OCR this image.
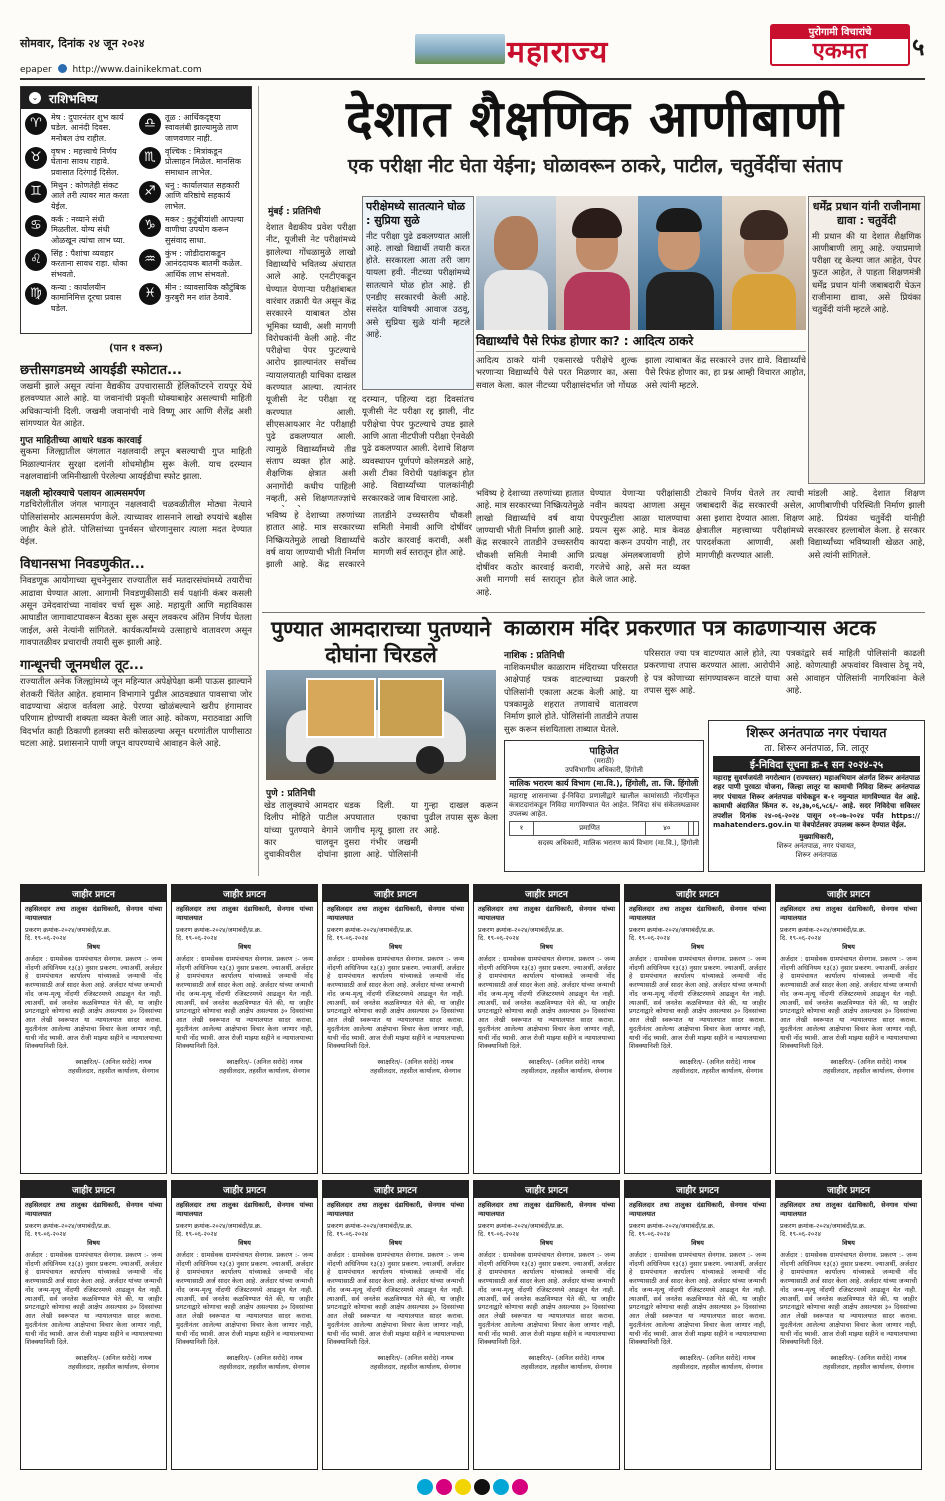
सोमवार, दिनांक २४ जून २०२४	महाराज्य
पुरोगामी विचारांचे
एकमत	५
epaper http://www.dainikekmat.com
⌄ राशिभविष्य
♈	मेष : दुपारनंतर शुभ कार्य घडेल. आनंदी दिवस. मनोबल उंच राहील.
♎	तूळ : आर्थिकदृष्ट्या स्वावलंबी झाल्यामुळे ताण जाणवणार नाही.
♉	वृषभ : महत्त्वाचे निर्णय घेताना सावध राहावे. प्रवासात दिरंगाई दिसेल.
♏	वृश्चिक : मित्रांकडून प्रोत्साहन मिळेल. मानसिक समाधान लाभेल.
♊	मिथुन : कोणतेही संकट आले तरी त्यावर मात करता येईल.
♐	धनु : कार्यालयात सहकारी आणि वरिष्ठांचे सहकार्य लाभेल.
♋	कर्क : नव्याने संधी मिळतील. योग्य संधी ओळखून त्यांचा लाभ घ्या.
♑	मकर : कुटुंबीयांशी आपल्या वाणीचा उपयोग करून सुसंवाद साधा.
♌	सिंह : पैशांचा व्यवहार करताना सावध राहा. धोका संभवतो.
♒	कुंभ : जोडीदाराकडून आनंददायक बातमी कळेल. आर्थिक लाभ संभवतो.
♍	कन्या : कार्यालयीन कामानिमित्त दूरचा प्रवास घडेल.
♓	मीन : व्यावसायिक कौटुंबिक कुरबुरी मन शांत ठेवावे.
(पान १ वरून)
छत्तीसगडमध्ये आयईडी स्फोटात...
जखमी झाले असून त्यांना वैद्यकीय उपचारासाठी हेलिकॉप्टरने रायपूर येथे हलवण्यात आले आहे. या जवानांची प्रकृती धोक्याबाहेर असल्याची माहिती अधिकाऱ्यांनी दिली. जखमी जवानांची नावे विष्णू आर आणि शैलेंद्र अशी सांगण्यात येत आहेत.
गुप्त माहितीच्या आधारे धडक कारवाई
सुकमा जिल्ह्यातील जंगलात नक्षलवादी लपून बसल्याची गुप्त माहिती मिळाल्यानंतर सुरक्षा दलांनी शोधमोहीम सुरू केली. याच दरम्यान नक्षलवाद्यांनी जमिनीखाली पेरलेल्या आयईडीचा स्फोट झाला.
नक्षली म्होरक्याचे पलायन आत्मसमर्पण
गडचिरोलीतील जंगल भागातून नक्षलवादी चळवळीतील मोठ्या नेत्याने पोलिसांसमोर आत्मसमर्पण केले. त्याच्यावर शासनाने लाखो रुपयांचे बक्षीस जाहीर केले होते. पोलिसांच्या पुनर्वसन धोरणानुसार त्याला मदत देण्यात येईल.
विधानसभा निवडणुकीत...
निवडणूक आयोगाच्या सूचनेनुसार राज्यातील सर्व मतदारसंघांमध्ये तयारीचा आढावा घेण्यात आला. आगामी निवडणुकीसाठी सर्व पक्षांनी कंबर कसली असून उमेदवारांच्या नावांवर चर्चा सुरू आहे. महायुती आणि महाविकास आघाडीत जागावाटपावरून बैठका सुरू असून लवकरच अंतिम निर्णय घेतला जाईल, असे नेत्यांनी सांगितले. कार्यकर्त्यांमध्ये उत्साहाचे वातावरण असून गावपातळीवर प्रचाराची तयारी सुरू झाली आहे.
गान्धूनची जूनमधील तूट...
राज्यातील अनेक जिल्ह्यांमध्ये जून महिन्यात अपेक्षेपेक्षा कमी पाऊस झाल्याने शेतकरी चिंतेत आहेत. हवामान विभागाने पुढील आठवड्यात पावसाचा जोर वाढण्याचा अंदाज वर्तवला आहे. पेरण्या खोळंबल्याने खरीप हंगामावर परिणाम होण्याची शक्यता व्यक्त केली जात आहे. कोकण, मराठवाडा आणि विदर्भात काही ठिकाणी हलक्या सरी कोसळल्या असून धरणांतील पाणीसाठा घटला आहे. प्रशासनाने पाणी जपून वापरण्याचे आवाहन केले आहे.
देशात शैक्षणिक आणीबाणी
एक परीक्षा नीट घेता येईना; घोळावरून ठाकरे, पाटील, चतुर्वेदींचा संताप
मुंबई : प्रतिनिधी
देशात वैद्यकीय प्रवेश परीक्षा नीट, यूजीसी नेट परीक्षांमध्ये झालेल्या गोंधळामुळे लाखो विद्यार्थ्यांचे भवितव्य अंधारात आले आहे. एनटीएकडून घेण्यात येणाऱ्या परीक्षांबाबत वारंवार तक्रारी येत असून केंद्र सरकारने याबाबत ठोस भूमिका घ्यावी, अशी मागणी विरोधकांनी केली आहे. नीट परीक्षेचा पेपर फुटल्याचे आरोप झाल्यानंतर सर्वोच्च न्यायालयातही याचिका दाखल करण्यात आल्या. त्यानंतर यूजीसी नेट परीक्षा रद्द करण्यात आली. सीएसआयआर नेट परीक्षाही पुढे ढकलण्यात आली. त्यामुळे विद्यार्थ्यांमध्ये तीव्र संताप व्यक्त होत आहे. शैक्षणिक क्षेत्रात अशी अनागोंदी कधीच पाहिली नव्हती, असे शिक्षणतज्ज्ञांचे
परीक्षेमध्ये सातत्याने घोळ : सुप्रिया सुळे
नीट परीक्षा पुढे ढकलण्यात आली आहे. लाखो विद्यार्थी तयारी करत होते. सरकारला आता तरी जाग यायला हवी. नीटच्या परीक्षांमध्ये सातत्याने घोळ होत आहे. ही एनडीए सरकारची केली आहे. संसदेत याविषयी आवाज उठवू, असे सुप्रिया सुळे यांनी म्हटले आहे.
धर्मेंद्र प्रधान यांनी राजीनामा द्यावा : चतुर्वेदी
मी प्रधान की या देशात शैक्षणिक आणीबाणी लागू आहे. ज्याप्रमाणे परीक्षा रद्द केल्या जात आहेत, पेपर फुटत आहेत, ते पाहता शिक्षणमंत्री धर्मेंद्र प्रधान यांनी जबाबदारी घेऊन राजीनामा द्यावा, असे प्रियंका चतुर्वेदी यांनी म्हटले आहे.
विद्यार्थ्यांचे पैसे रिफंड होणार का? : आदित्य ठाकरे
आदित्य ठाकरे यांनी एकसारखे परीक्षेचे शुल्क भरणाऱ्या विद्यार्थ्यांचे पैसे परत मिळणार का, असा सवाल केला. काल नीटच्या परीक्षासंदर्भात जो गोंधळ झाला त्याबाबत केंद्र सरकारने उत्तर द्यावे. विद्यार्थ्यांचे पैसे रिफंड होणार का, हा प्रश्न आम्ही विचारत आहोत, असे त्यांनी म्हटले.
दरम्यान, पहिल्या दहा दिवसांतच यूजीसी नेट परीक्षा रद्द झाली, नीट परीक्षेचा पेपर फुटल्याचे उघड झाले आणि आता नीटपीजी परीक्षा ऐनवेळी पुढे ढकलण्यात आली. देशाचे शिक्षण व्यवस्थापन पूर्णपणे कोलमडले आहे, अशी टीका विरोधी पक्षांकडून होत आहे. विद्यार्थ्यांच्या पालकांनीही सरकारकडे जाब विचारला आहे.	भविष्य हे देशाच्या तरुणांच्या हातात आहे. मात्र सरकारच्या निष्क्रियतेमुळे लाखो विद्यार्थ्यांचे वर्ष वाया जाण्याची भीती निर्माण झाली आहे. केंद्र सरकारने तातडीने उच्चस्तरीय चौकशी समिती नेमावी आणि दोषींवर कठोर कारवाई करावी, अशी मागणी सर्व स्तरातून होत आहे.
घेण्यात येणाऱ्या परीक्षांसाठी नवीन कायदा आणला असून पेपरफुटीला आळा घालण्याचा प्रयत्न सुरू आहे. मात्र केवळ कायदा करून उपयोग नाही, तर प्रत्यक्ष अंमलबजावणी होणे गरजेचे आहे, असे मत व्यक्त केले जात आहे.
टोकाचे निर्णय घेतले तर त्याची जबाबदारी केंद्र सरकारची असेल, असा इशारा देण्यात आला. शिक्षण क्षेत्रातील महत्त्वाच्या परीक्षांमध्ये पारदर्शकता आणावी, अशी मागणीही करण्यात आली.
मांडली आहे. देशात शिक्षण आणीबाणीची परिस्थिती निर्माण झाली आहे. प्रियंका चतुर्वेदी यांनीही सरकारवर हल्लाबोल केला. हे सरकार विद्यार्थ्यांच्या भविष्याशी खेळत आहे, असे त्यांनी सांगितले.
भविष्य हे देशाच्या तरुणांच्या हातात आहे. मात्र सरकारच्या निष्क्रियतेमुळे लाखो विद्यार्थ्यांचे वर्ष वाया जाण्याची भीती निर्माण झाली आहे. केंद्र सरकारने तातडीने उच्चस्तरीय चौकशी समिती नेमावी आणि दोषींवर कठोर कारवाई करावी, अशी मागणी सर्व स्तरातून होत आहे.
पुण्यात आमदाराच्या पुतण्याने दोघांना चिरडले
पुणे : प्रतिनिधी
खेड तालुक्याचे आमदार दिलीप मोहिते पाटील यांच्या पुतण्याने वेगाने कार चालवून दुचाकीवरील दोघांना धडक दिली. या अपघातात एकाचा जागीच मृत्यू झाला तर दुसरा गंभीर जखमी झाला आहे. पोलिसांनी गुन्हा दाखल करून पुढील तपास सुरू केला आहे.
काळाराम मंदिर प्रकरणात पत्र काढणाऱ्यास अटक
नाशिक : प्रतिनिधी
नाशिकमधील काळाराम मंदिराच्या परिसरात आक्षेपार्ह पत्रक वाटल्याच्या प्रकरणी पोलिसांनी एकाला अटक केली आहे. या पत्रकामुळे शहरात तणावाचे वातावरण निर्माण झाले होते. पोलिसांनी तातडीने तपास सुरू करून संशयिताला ताब्यात घेतले.
परिसरात ज्या पत्र वाटण्यात आले होते, त्या प्रकरणाचा तपास करण्यात आला. आरोपीने हे पत्र कोणाच्या सांगण्यावरून वाटले याचा तपास सुरू आहे.
पत्रकांद्वारे सर्व माहिती पोलिसांनी काढली आहे. कोणत्याही अफवांवर विश्वास ठेवू नये, असे आवाहन पोलिसांनी नागरिकांना केले आहे.
पाहिजेत
(मराठी)
उपविभागीय अधिकारी, हिंगोली
मालिक भरारण कार्य विभाग (मा.वि.), हिंगोली, ता. जि. हिंगोली
महाराष्ट्र शासनाच्या ई-निविदा प्रणालीद्वारे खालील कामांसाठी नोंदणीकृत कंत्राटदारांकडून निविदा मागविण्यात येत आहेत. निविदा संच संकेतस्थळावर उपलब्ध आहेत.
१	प्रमाणित	४०		
सदस्य अधिकारी, मालिक भरारण कार्य विभाग (मा.वि.), हिंगोली
शिरूर अनंतपाळ नगर पंचायत
ता. शिरूर अनंतपाळ, जि. लातूर
ई-निविदा सूचना क्र-१ सन २०२४-२५
महाराष्ट्र सुवर्णजयंती नगरोत्थान (राज्यस्तर) महाअभियान अंतर्गत शिरूर अनंतपाळ शहर पाणी पुरवठा योजना, जिल्हा लातूर या कामाची निविदा शिरूर अनंतपाळ नगर पंचायत शिरूर अनंतपाळ यांचेकडून ब-१ नमुन्यात मागविण्यात येत आहे. कामाची अंदाजित किंमत रु. २४,३७,०६,५८६/- आहे. सदर निविदेचा सविस्तर तपशील दिनांक २४-०६-२०२४ पासून ०१-०७-२०२४ पर्यंत https:// mahatenders.gov.in या वेबपोर्टलवर उपलब्ध करून देण्यात येईल.
मुख्याधिकारी,
शिरूर अनंतपाळ, नगर पंचायत,
शिरूर अनंतपाळ
जाहीर प्रगटन
तहसिलदार तथा तालुका दंडाधिकारी, सेनगाव यांच्या न्यायालयात
प्रकरण क्रमांक-२०२४/जमाबंदी/प्र.क्र.
दि. १९-०६-२०२४
विषय
अर्जदार : ग्रामसेवक ग्रामपंचायत सेनगाव. प्रकरण :- जन्म नोंदणी अधिनियम १३(३) नुसार प्रकरण. ज्याअर्थी, अर्जदार हे ग्रामपंचायत कार्यालय यांच्याकडे जन्माची नोंद करण्यासाठी अर्ज सादर केला आहे. अर्जदार यांच्या जन्माची नोंद जन्म-मृत्यू नोंदणी रजिस्टरमध्ये आढळून येत नाही. त्याअर्थी, सर्व जनतेस कळविण्यात येते की, या जाहीर प्रगटनाद्वारे कोणाचा काही आक्षेप असल्यास ३० दिवसांच्या आत लेखी स्वरूपात या न्यायालयात सादर करावा. मुदतीनंतर आलेल्या आक्षेपाचा विचार केला जाणार नाही, याची नोंद घ्यावी. आज रोजी माझ्या सहीने व न्यायालयाच्या शिक्क्यानिशी दिले.
स्वाक्षरित/- (अनिल सरोदे) नायब तहसीलदार, तहसील कार्यालय, सेनगाव
जाहीर प्रगटन
तहसिलदार तथा तालुका दंडाधिकारी, सेनगाव यांच्या न्यायालयात
प्रकरण क्रमांक-२०२४/जमाबंदी/प्र.क्र.
दि. १९-०६-२०२४
विषय
अर्जदार : ग्रामसेवक ग्रामपंचायत सेनगाव. प्रकरण :- जन्म नोंदणी अधिनियम १३(३) नुसार प्रकरण. ज्याअर्थी, अर्जदार हे ग्रामपंचायत कार्यालय यांच्याकडे जन्माची नोंद करण्यासाठी अर्ज सादर केला आहे. अर्जदार यांच्या जन्माची नोंद जन्म-मृत्यू नोंदणी रजिस्टरमध्ये आढळून येत नाही. त्याअर्थी, सर्व जनतेस कळविण्यात येते की, या जाहीर प्रगटनाद्वारे कोणाचा काही आक्षेप असल्यास ३० दिवसांच्या आत लेखी स्वरूपात या न्यायालयात सादर करावा. मुदतीनंतर आलेल्या आक्षेपाचा विचार केला जाणार नाही, याची नोंद घ्यावी. आज रोजी माझ्या सहीने व न्यायालयाच्या शिक्क्यानिशी दिले.
स्वाक्षरित/- (अनिल सरोदे) नायब तहसीलदार, तहसील कार्यालय, सेनगाव
जाहीर प्रगटन
तहसिलदार तथा तालुका दंडाधिकारी, सेनगाव यांच्या न्यायालयात
प्रकरण क्रमांक-२०२४/जमाबंदी/प्र.क्र.
दि. १९-०६-२०२४
विषय
अर्जदार : ग्रामसेवक ग्रामपंचायत सेनगाव. प्रकरण :- जन्म नोंदणी अधिनियम १३(३) नुसार प्रकरण. ज्याअर्थी, अर्जदार हे ग्रामपंचायत कार्यालय यांच्याकडे जन्माची नोंद करण्यासाठी अर्ज सादर केला आहे. अर्जदार यांच्या जन्माची नोंद जन्म-मृत्यू नोंदणी रजिस्टरमध्ये आढळून येत नाही. त्याअर्थी, सर्व जनतेस कळविण्यात येते की, या जाहीर प्रगटनाद्वारे कोणाचा काही आक्षेप असल्यास ३० दिवसांच्या आत लेखी स्वरूपात या न्यायालयात सादर करावा. मुदतीनंतर आलेल्या आक्षेपाचा विचार केला जाणार नाही, याची नोंद घ्यावी. आज रोजी माझ्या सहीने व न्यायालयाच्या शिक्क्यानिशी दिले.
स्वाक्षरित/- (अनिल सरोदे) नायब तहसीलदार, तहसील कार्यालय, सेनगाव
जाहीर प्रगटन
तहसिलदार तथा तालुका दंडाधिकारी, सेनगाव यांच्या न्यायालयात
प्रकरण क्रमांक-२०२४/जमाबंदी/प्र.क्र.
दि. १९-०६-२०२४
विषय
अर्जदार : ग्रामसेवक ग्रामपंचायत सेनगाव. प्रकरण :- जन्म नोंदणी अधिनियम १३(३) नुसार प्रकरण. ज्याअर्थी, अर्जदार हे ग्रामपंचायत कार्यालय यांच्याकडे जन्माची नोंद करण्यासाठी अर्ज सादर केला आहे. अर्जदार यांच्या जन्माची नोंद जन्म-मृत्यू नोंदणी रजिस्टरमध्ये आढळून येत नाही. त्याअर्थी, सर्व जनतेस कळविण्यात येते की, या जाहीर प्रगटनाद्वारे कोणाचा काही आक्षेप असल्यास ३० दिवसांच्या आत लेखी स्वरूपात या न्यायालयात सादर करावा. मुदतीनंतर आलेल्या आक्षेपाचा विचार केला जाणार नाही, याची नोंद घ्यावी. आज रोजी माझ्या सहीने व न्यायालयाच्या शिक्क्यानिशी दिले.
स्वाक्षरित/- (अनिल सरोदे) नायब तहसीलदार, तहसील कार्यालय, सेनगाव
जाहीर प्रगटन
तहसिलदार तथा तालुका दंडाधिकारी, सेनगाव यांच्या न्यायालयात
प्रकरण क्रमांक-२०२४/जमाबंदी/प्र.क्र.
दि. १९-०६-२०२४
विषय
अर्जदार : ग्रामसेवक ग्रामपंचायत सेनगाव. प्रकरण :- जन्म नोंदणी अधिनियम १३(३) नुसार प्रकरण. ज्याअर्थी, अर्जदार हे ग्रामपंचायत कार्यालय यांच्याकडे जन्माची नोंद करण्यासाठी अर्ज सादर केला आहे. अर्जदार यांच्या जन्माची नोंद जन्म-मृत्यू नोंदणी रजिस्टरमध्ये आढळून येत नाही. त्याअर्थी, सर्व जनतेस कळविण्यात येते की, या जाहीर प्रगटनाद्वारे कोणाचा काही आक्षेप असल्यास ३० दिवसांच्या आत लेखी स्वरूपात या न्यायालयात सादर करावा. मुदतीनंतर आलेल्या आक्षेपाचा विचार केला जाणार नाही, याची नोंद घ्यावी. आज रोजी माझ्या सहीने व न्यायालयाच्या शिक्क्यानिशी दिले.
स्वाक्षरित/- (अनिल सरोदे) नायब तहसीलदार, तहसील कार्यालय, सेनगाव
जाहीर प्रगटन
तहसिलदार तथा तालुका दंडाधिकारी, सेनगाव यांच्या न्यायालयात
प्रकरण क्रमांक-२०२४/जमाबंदी/प्र.क्र.
दि. १९-०६-२०२४
विषय
अर्जदार : ग्रामसेवक ग्रामपंचायत सेनगाव. प्रकरण :- जन्म नोंदणी अधिनियम १३(३) नुसार प्रकरण. ज्याअर्थी, अर्जदार हे ग्रामपंचायत कार्यालय यांच्याकडे जन्माची नोंद करण्यासाठी अर्ज सादर केला आहे. अर्जदार यांच्या जन्माची नोंद जन्म-मृत्यू नोंदणी रजिस्टरमध्ये आढळून येत नाही. त्याअर्थी, सर्व जनतेस कळविण्यात येते की, या जाहीर प्रगटनाद्वारे कोणाचा काही आक्षेप असल्यास ३० दिवसांच्या आत लेखी स्वरूपात या न्यायालयात सादर करावा. मुदतीनंतर आलेल्या आक्षेपाचा विचार केला जाणार नाही, याची नोंद घ्यावी. आज रोजी माझ्या सहीने व न्यायालयाच्या शिक्क्यानिशी दिले.
स्वाक्षरित/- (अनिल सरोदे) नायब तहसीलदार, तहसील कार्यालय, सेनगाव
जाहीर प्रगटन
तहसिलदार तथा तालुका दंडाधिकारी, सेनगाव यांच्या न्यायालयात
प्रकरण क्रमांक-२०२४/जमाबंदी/प्र.क्र.
दि. १९-०६-२०२४
विषय
अर्जदार : ग्रामसेवक ग्रामपंचायत सेनगाव. प्रकरण :- जन्म नोंदणी अधिनियम १३(३) नुसार प्रकरण. ज्याअर्थी, अर्जदार हे ग्रामपंचायत कार्यालय यांच्याकडे जन्माची नोंद करण्यासाठी अर्ज सादर केला आहे. अर्जदार यांच्या जन्माची नोंद जन्म-मृत्यू नोंदणी रजिस्टरमध्ये आढळून येत नाही. त्याअर्थी, सर्व जनतेस कळविण्यात येते की, या जाहीर प्रगटनाद्वारे कोणाचा काही आक्षेप असल्यास ३० दिवसांच्या आत लेखी स्वरूपात या न्यायालयात सादर करावा. मुदतीनंतर आलेल्या आक्षेपाचा विचार केला जाणार नाही, याची नोंद घ्यावी. आज रोजी माझ्या सहीने व न्यायालयाच्या शिक्क्यानिशी दिले.
स्वाक्षरित/- (अनिल सरोदे) नायब तहसीलदार, तहसील कार्यालय, सेनगाव
जाहीर प्रगटन
तहसिलदार तथा तालुका दंडाधिकारी, सेनगाव यांच्या न्यायालयात
प्रकरण क्रमांक-२०२४/जमाबंदी/प्र.क्र.
दि. १९-०६-२०२४
विषय
अर्जदार : ग्रामसेवक ग्रामपंचायत सेनगाव. प्रकरण :- जन्म नोंदणी अधिनियम १३(३) नुसार प्रकरण. ज्याअर्थी, अर्जदार हे ग्रामपंचायत कार्यालय यांच्याकडे जन्माची नोंद करण्यासाठी अर्ज सादर केला आहे. अर्जदार यांच्या जन्माची नोंद जन्म-मृत्यू नोंदणी रजिस्टरमध्ये आढळून येत नाही. त्याअर्थी, सर्व जनतेस कळविण्यात येते की, या जाहीर प्रगटनाद्वारे कोणाचा काही आक्षेप असल्यास ३० दिवसांच्या आत लेखी स्वरूपात या न्यायालयात सादर करावा. मुदतीनंतर आलेल्या आक्षेपाचा विचार केला जाणार नाही, याची नोंद घ्यावी. आज रोजी माझ्या सहीने व न्यायालयाच्या शिक्क्यानिशी दिले.
स्वाक्षरित/- (अनिल सरोदे) नायब तहसीलदार, तहसील कार्यालय, सेनगाव
जाहीर प्रगटन
तहसिलदार तथा तालुका दंडाधिकारी, सेनगाव यांच्या न्यायालयात
प्रकरण क्रमांक-२०२४/जमाबंदी/प्र.क्र.
दि. १९-०६-२०२४
विषय
अर्जदार : ग्रामसेवक ग्रामपंचायत सेनगाव. प्रकरण :- जन्म नोंदणी अधिनियम १३(३) नुसार प्रकरण. ज्याअर्थी, अर्जदार हे ग्रामपंचायत कार्यालय यांच्याकडे जन्माची नोंद करण्यासाठी अर्ज सादर केला आहे. अर्जदार यांच्या जन्माची नोंद जन्म-मृत्यू नोंदणी रजिस्टरमध्ये आढळून येत नाही. त्याअर्थी, सर्व जनतेस कळविण्यात येते की, या जाहीर प्रगटनाद्वारे कोणाचा काही आक्षेप असल्यास ३० दिवसांच्या आत लेखी स्वरूपात या न्यायालयात सादर करावा. मुदतीनंतर आलेल्या आक्षेपाचा विचार केला जाणार नाही, याची नोंद घ्यावी. आज रोजी माझ्या सहीने व न्यायालयाच्या शिक्क्यानिशी दिले.
स्वाक्षरित/- (अनिल सरोदे) नायब तहसीलदार, तहसील कार्यालय, सेनगाव
जाहीर प्रगटन
तहसिलदार तथा तालुका दंडाधिकारी, सेनगाव यांच्या न्यायालयात
प्रकरण क्रमांक-२०२४/जमाबंदी/प्र.क्र.
दि. १९-०६-२०२४
विषय
अर्जदार : ग्रामसेवक ग्रामपंचायत सेनगाव. प्रकरण :- जन्म नोंदणी अधिनियम १३(३) नुसार प्रकरण. ज्याअर्थी, अर्जदार हे ग्रामपंचायत कार्यालय यांच्याकडे जन्माची नोंद करण्यासाठी अर्ज सादर केला आहे. अर्जदार यांच्या जन्माची नोंद जन्म-मृत्यू नोंदणी रजिस्टरमध्ये आढळून येत नाही. त्याअर्थी, सर्व जनतेस कळविण्यात येते की, या जाहीर प्रगटनाद्वारे कोणाचा काही आक्षेप असल्यास ३० दिवसांच्या आत लेखी स्वरूपात या न्यायालयात सादर करावा. मुदतीनंतर आलेल्या आक्षेपाचा विचार केला जाणार नाही, याची नोंद घ्यावी. आज रोजी माझ्या सहीने व न्यायालयाच्या शिक्क्यानिशी दिले.
स्वाक्षरित/- (अनिल सरोदे) नायब तहसीलदार, तहसील कार्यालय, सेनगाव
जाहीर प्रगटन
तहसिलदार तथा तालुका दंडाधिकारी, सेनगाव यांच्या न्यायालयात
प्रकरण क्रमांक-२०२४/जमाबंदी/प्र.क्र.
दि. १९-०६-२०२४
विषय
अर्जदार : ग्रामसेवक ग्रामपंचायत सेनगाव. प्रकरण :- जन्म नोंदणी अधिनियम १३(३) नुसार प्रकरण. ज्याअर्थी, अर्जदार हे ग्रामपंचायत कार्यालय यांच्याकडे जन्माची नोंद करण्यासाठी अर्ज सादर केला आहे. अर्जदार यांच्या जन्माची नोंद जन्म-मृत्यू नोंदणी रजिस्टरमध्ये आढळून येत नाही. त्याअर्थी, सर्व जनतेस कळविण्यात येते की, या जाहीर प्रगटनाद्वारे कोणाचा काही आक्षेप असल्यास ३० दिवसांच्या आत लेखी स्वरूपात या न्यायालयात सादर करावा. मुदतीनंतर आलेल्या आक्षेपाचा विचार केला जाणार नाही, याची नोंद घ्यावी. आज रोजी माझ्या सहीने व न्यायालयाच्या शिक्क्यानिशी दिले.
स्वाक्षरित/- (अनिल सरोदे) नायब तहसीलदार, तहसील कार्यालय, सेनगाव
जाहीर प्रगटन
तहसिलदार तथा तालुका दंडाधिकारी, सेनगाव यांच्या न्यायालयात
प्रकरण क्रमांक-२०२४/जमाबंदी/प्र.क्र.
दि. १९-०६-२०२४
विषय
अर्जदार : ग्रामसेवक ग्रामपंचायत सेनगाव. प्रकरण :- जन्म नोंदणी अधिनियम १३(३) नुसार प्रकरण. ज्याअर्थी, अर्जदार हे ग्रामपंचायत कार्यालय यांच्याकडे जन्माची नोंद करण्यासाठी अर्ज सादर केला आहे. अर्जदार यांच्या जन्माची नोंद जन्म-मृत्यू नोंदणी रजिस्टरमध्ये आढळून येत नाही. त्याअर्थी, सर्व जनतेस कळविण्यात येते की, या जाहीर प्रगटनाद्वारे कोणाचा काही आक्षेप असल्यास ३० दिवसांच्या आत लेखी स्वरूपात या न्यायालयात सादर करावा. मुदतीनंतर आलेल्या आक्षेपाचा विचार केला जाणार नाही, याची नोंद घ्यावी. आज रोजी माझ्या सहीने व न्यायालयाच्या शिक्क्यानिशी दिले.
स्वाक्षरित/- (अनिल सरोदे) नायब तहसीलदार, तहसील कार्यालय, सेनगाव
